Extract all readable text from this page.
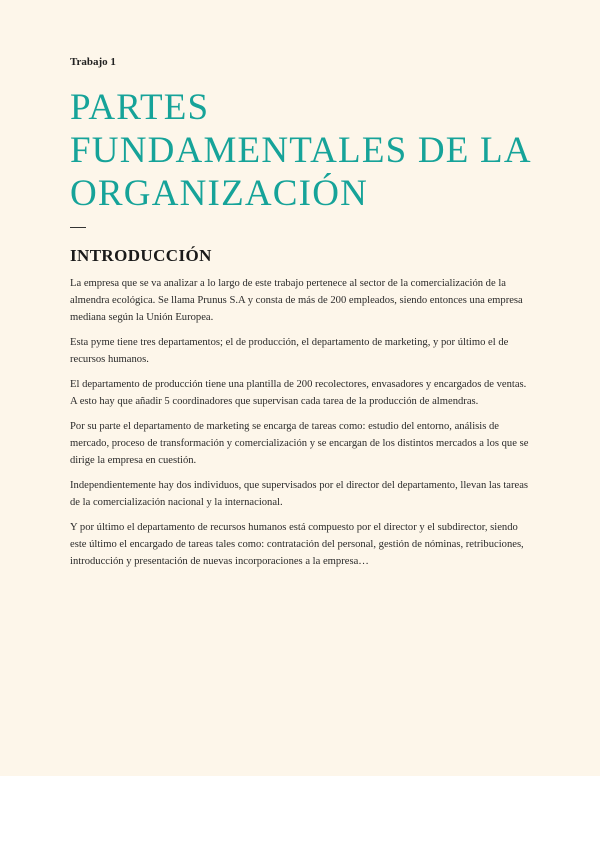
Trabajo 1
PARTES FUNDAMENTALES DE LA ORGANIZACIÓN
INTRODUCCIÓN

La empresa que se va analizar a lo largo de este trabajo pertenece al sector de la comercialización de la almendra ecológica. Se llama Prunus S.A y consta de más de 200 empleados, siendo entonces una empresa mediana según la Unión Europea.

Esta pyme tiene tres departamentos; el de producción, el departamento de marketing, y por último el de recursos humanos.

El departamento de producción tiene una plantilla de 200 recolectores, envasadores y encargados de ventas. A esto hay que añadir 5 coordinadores que supervisan cada tarea de la producción de almendras.

Por su parte el departamento de marketing se encarga de tareas como: estudio del entorno, análisis de mercado, proceso de transformación y comercialización y se encargan de los distintos mercados a los que se dirige la empresa en cuestión.

Independientemente hay dos individuos, que supervisados por el director del departamento, llevan las tareas de la comercialización nacional y la internacional.

Y por último el departamento de recursos humanos está compuesto por el director y el subdirector, siendo este último el encargado de tareas tales como: contratación del personal, gestión de nóminas, retribuciones, introducción y presentación de nuevas incorporaciones a la empresa…
